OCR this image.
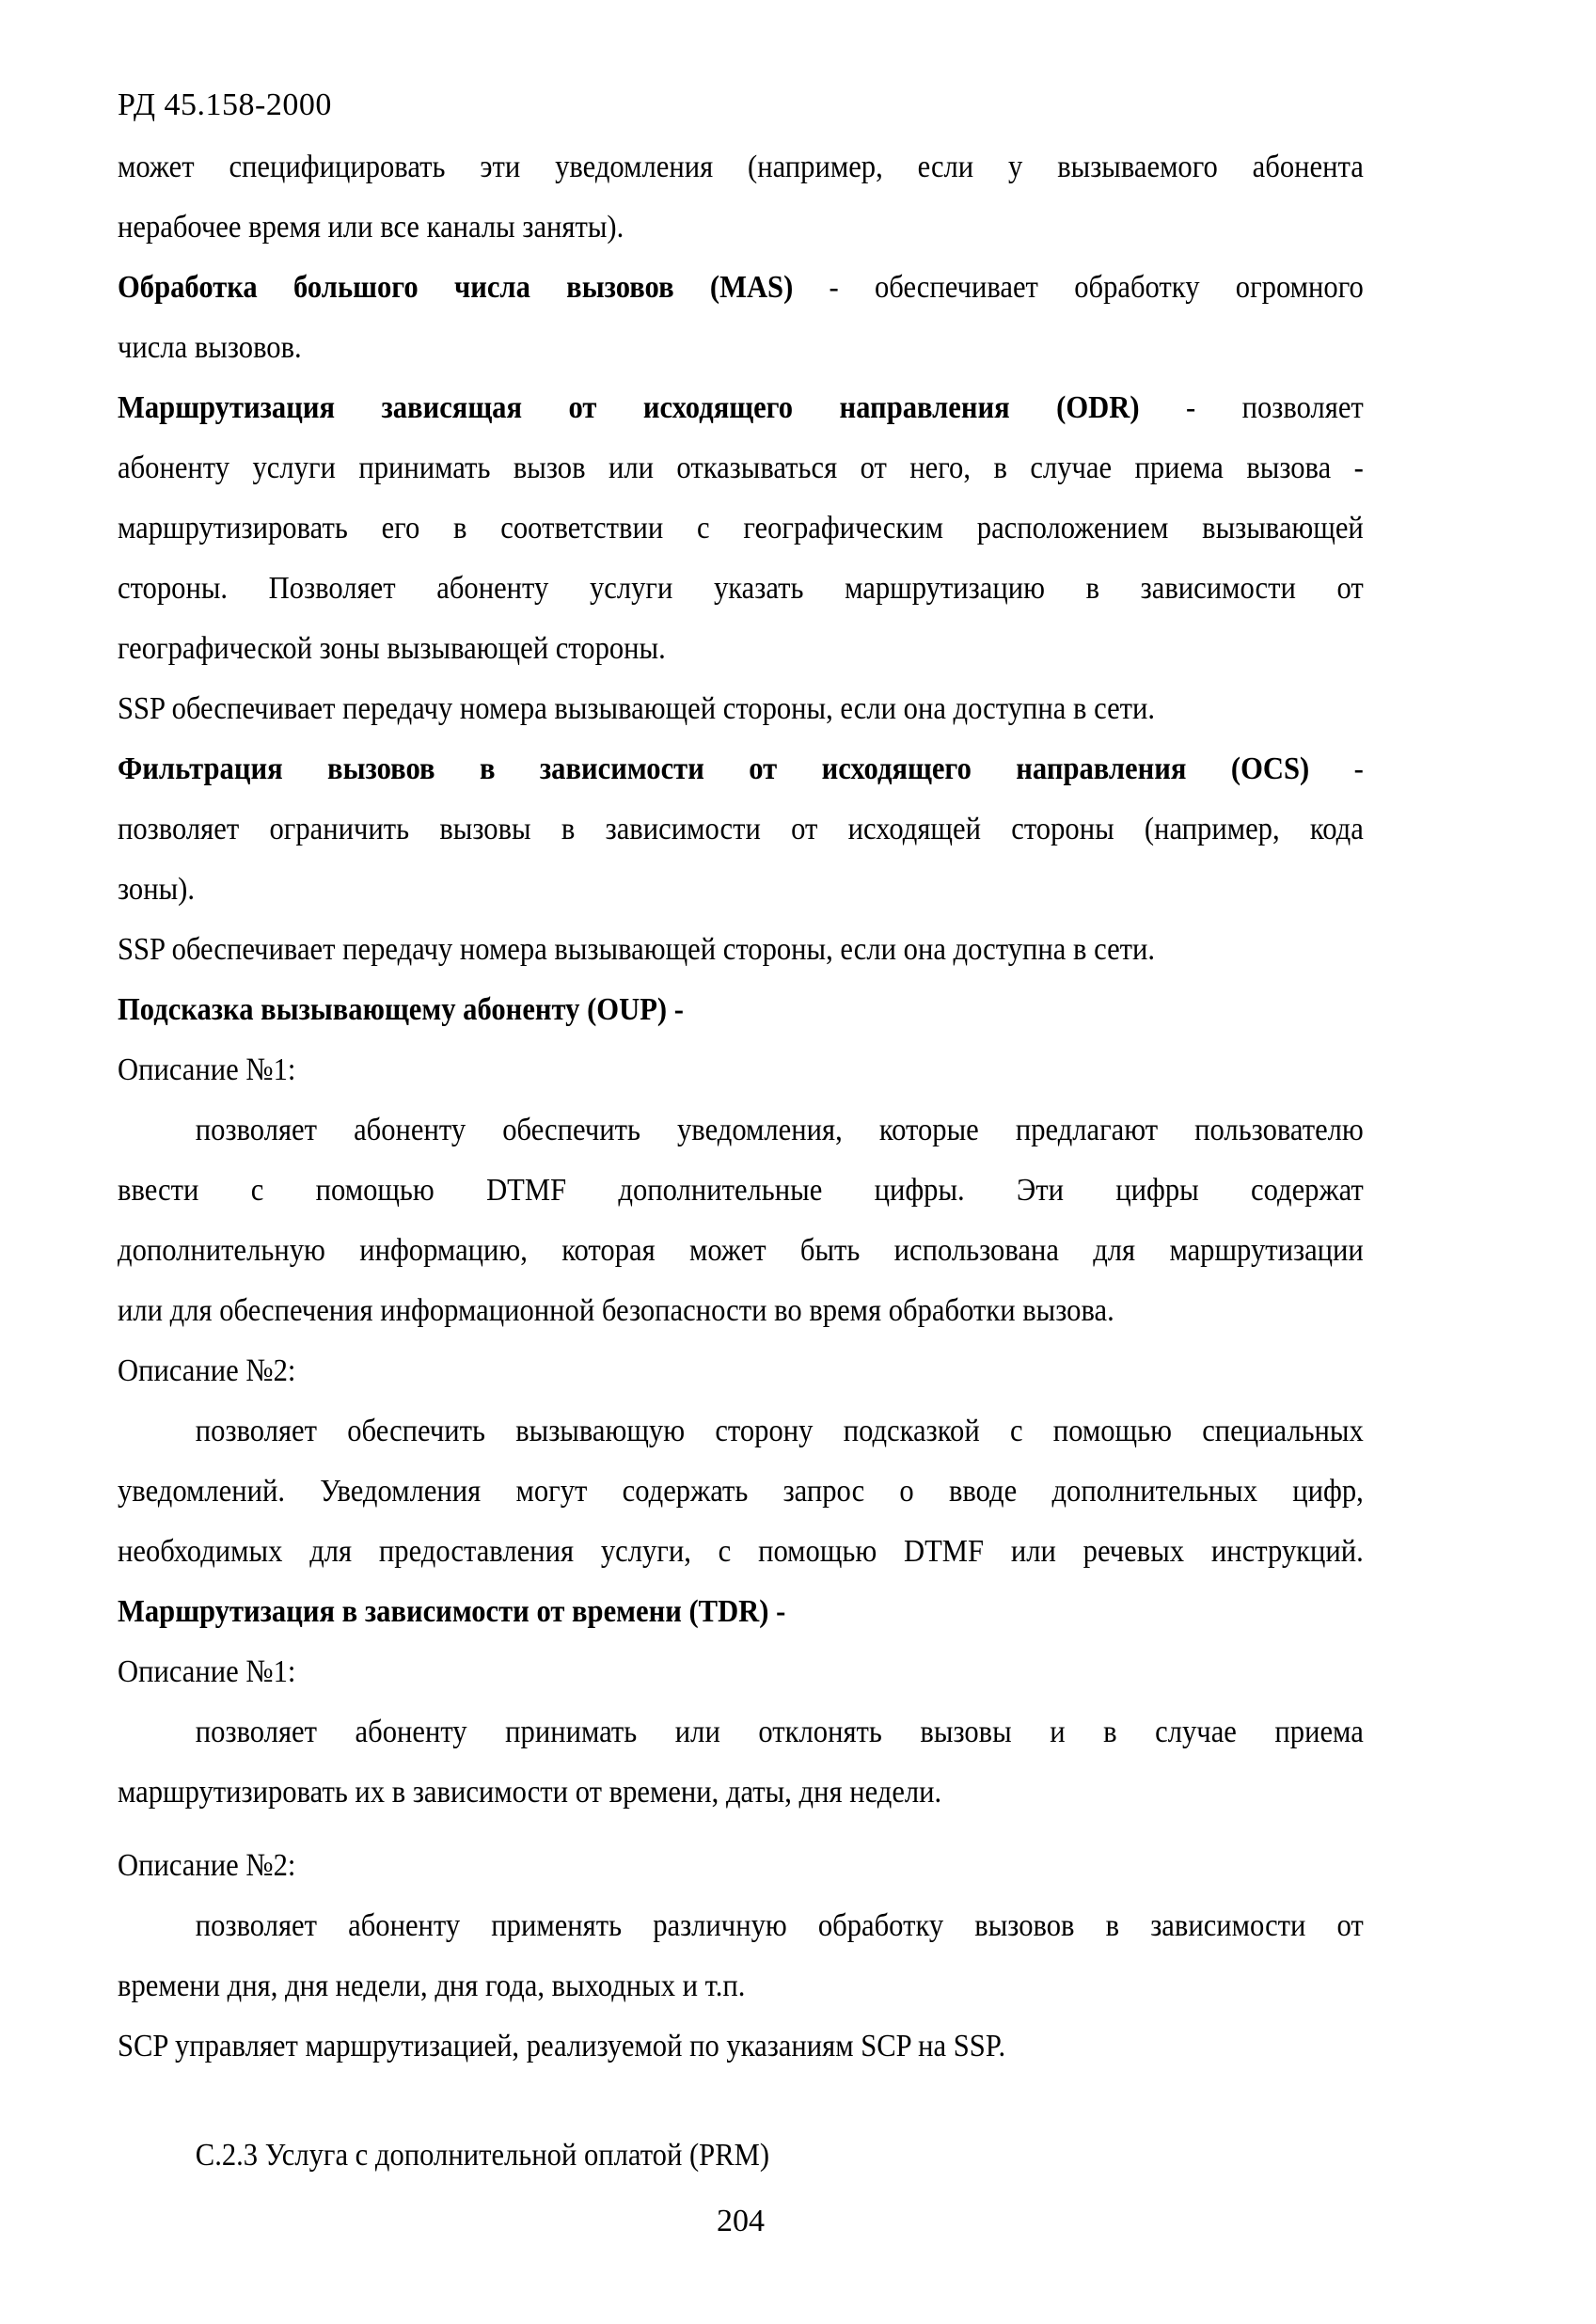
РД 45.158-2000
может специфицировать эти уведомления (например, если у вызываемого абонента
нерабочее время или все каналы заняты).
Обработка большого числа вызовов (MAS) - обеспечивает обработку огромного
числа вызовов.
Маршрутизация зависящая от исходящего направления (ODR) - позволяет
абоненту услуги принимать вызов или отказываться от него, в случае приема вызова -
маршрутизировать его в соответствии с географическим расположением вызывающей
стороны. Позволяет абоненту услуги указать маршрутизацию в зависимости от
географической зоны вызывающей стороны.
SSP обеспечивает передачу номера вызывающей стороны, если она доступна в сети.
Фильтрация вызовов в зависимости от исходящего направления (OCS) -
позволяет ограничить вызовы в зависимости от исходящей стороны (например, кода
зоны).
SSP обеспечивает передачу номера вызывающей стороны, если она доступна в сети.
Подсказка вызывающему абоненту (OUP) -
Описание №1:
позволяет абоненту обеспечить уведомления, которые предлагают пользователю
ввести с помощью DTMF дополнительные цифры. Эти цифры содержат
дополнительную информацию, которая может быть использована для маршрутизации
или для обеспечения информационной безопасности во время обработки вызова.
Описание №2:
позволяет обеспечить вызывающую сторону подсказкой с помощью специальных
уведомлений. Уведомления могут содержать запрос о вводе дополнительных цифр,
необходимых для предоставления услуги, с помощью DTMF или речевых инструкций.
Маршрутизация в зависимости от времени (TDR) -
Описание №1:
позволяет абоненту принимать или отклонять вызовы и в случае приема
маршрутизировать их в зависимости от времени, даты, дня недели.
Описание №2:
позволяет абоненту применять различную обработку вызовов в зависимости от
времени дня, дня недели, дня года, выходных и т.п.
SCP управляет маршрутизацией, реализуемой по указаниям SCP на SSP.
С.2.3 Услуга с дополнительной оплатой (PRM)
204
